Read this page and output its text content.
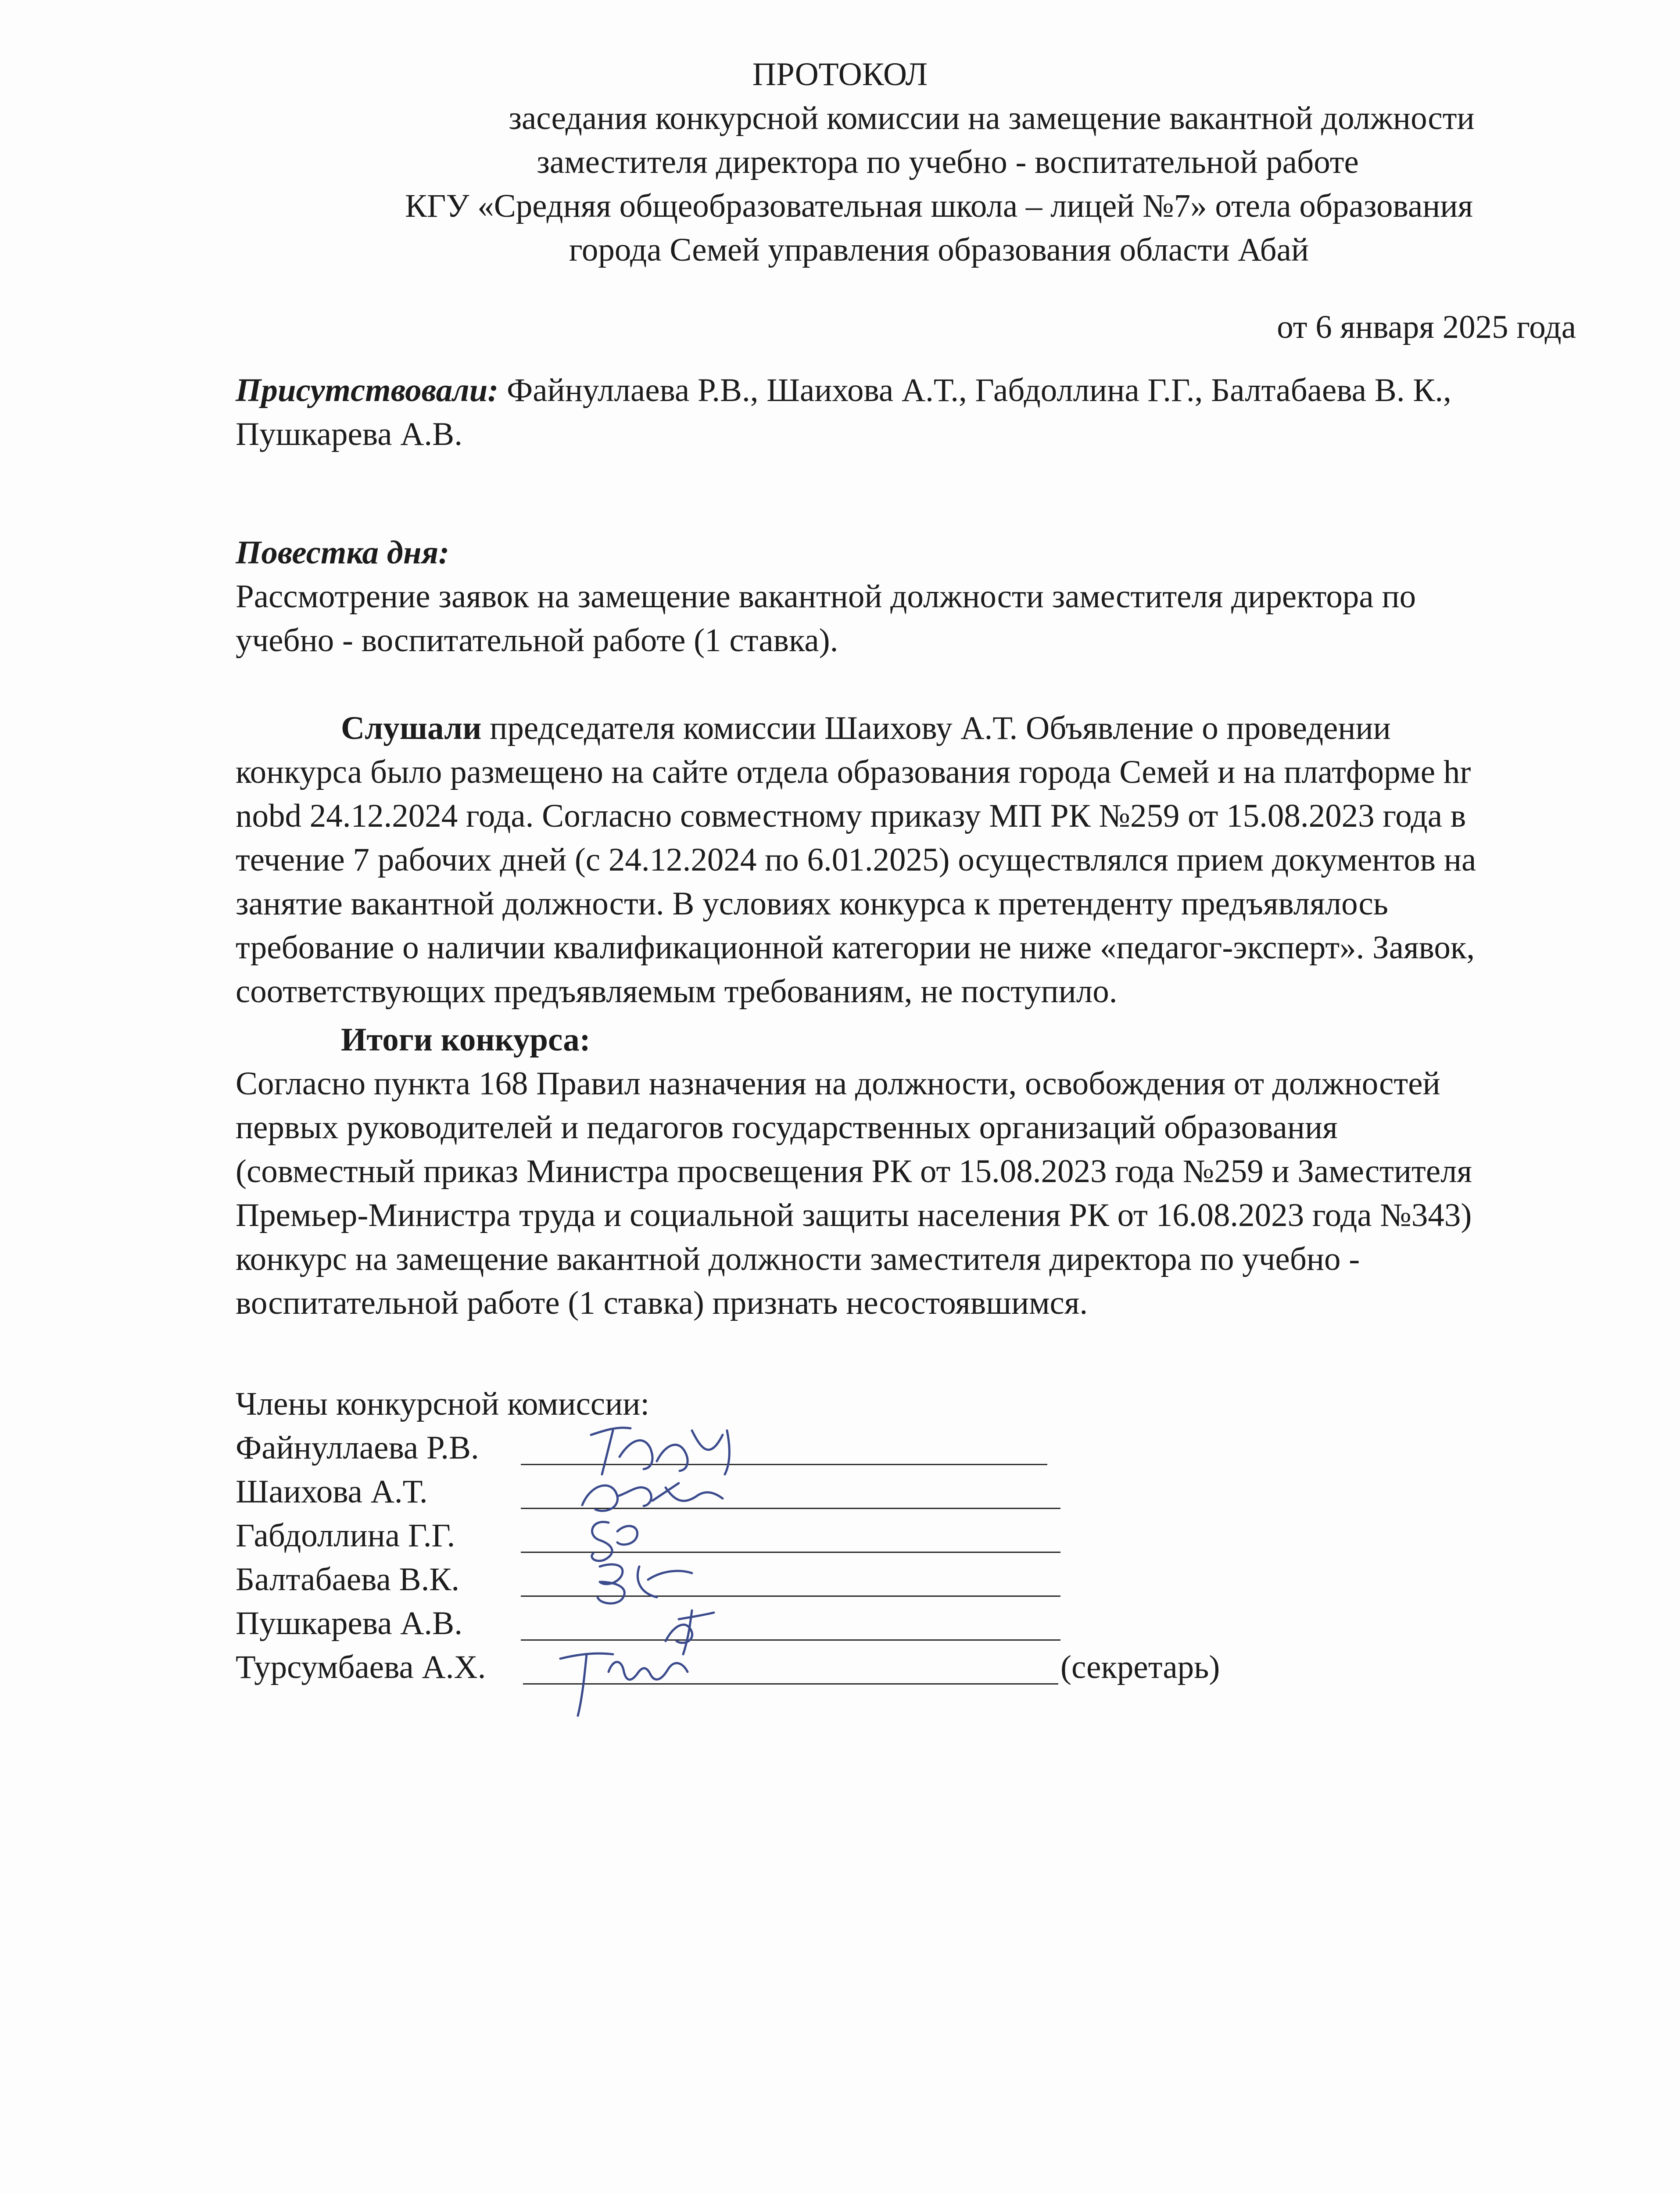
ПРОТОКОЛ
заседания конкурсной комиссии на замещение вакантной должности
заместителя директора по учебно - воспитательной работе
КГУ «Средняя общеобразовательная школа – лицей №7» отела образования
города Семей управления образования области Абай
от 6 января 2025 года
Присутствовали: Файнуллаева Р.В., Шаихова А.Т., Габдоллина Г.Г., Балтабаева В. К.,
Пушкарева А.В.
Повестка дня:
Рассмотрение заявок на замещение вакантной должности заместителя директора по
учебно - воспитательной работе (1 ставка).
Слушали председателя комиссии Шаихову А.Т. Объявление о проведении
конкурса было размещено на сайте отдела образования города Семей и на платформе hr
nobd 24.12.2024 года. Согласно совместному приказу МП РК №259 от 15.08.2023 года в
течение 7 рабочих дней (с 24.12.2024 по 6.01.2025) осуществлялся прием документов на
занятие вакантной должности. В условиях конкурса к претенденту предъявлялось
требование о наличии квалификационной категории не ниже «педагог-эксперт». Заявок,
соответствующих предъявляемым требованиям, не поступило.
Итоги конкурса:
Согласно пункта 168 Правил назначения на должности, освобождения от должностей
первых руководителей и педагогов государственных организаций образования
(совместный приказ Министра просвещения РК от 15.08.2023 года №259 и Заместителя
Премьер-Министра труда и социальной защиты населения РК от 16.08.2023 года №343)
конкурс на замещение вакантной должности заместителя директора по учебно -
воспитательной работе (1 ставка) признать несостоявшимся.
Члены конкурсной комиссии:
Файнуллаева Р.В.
Шаихова А.Т.
Габдоллина Г.Г.
Балтабаева В.К.
Пушкарева А.В.
Турсумбаева А.Х.	(секретарь)
